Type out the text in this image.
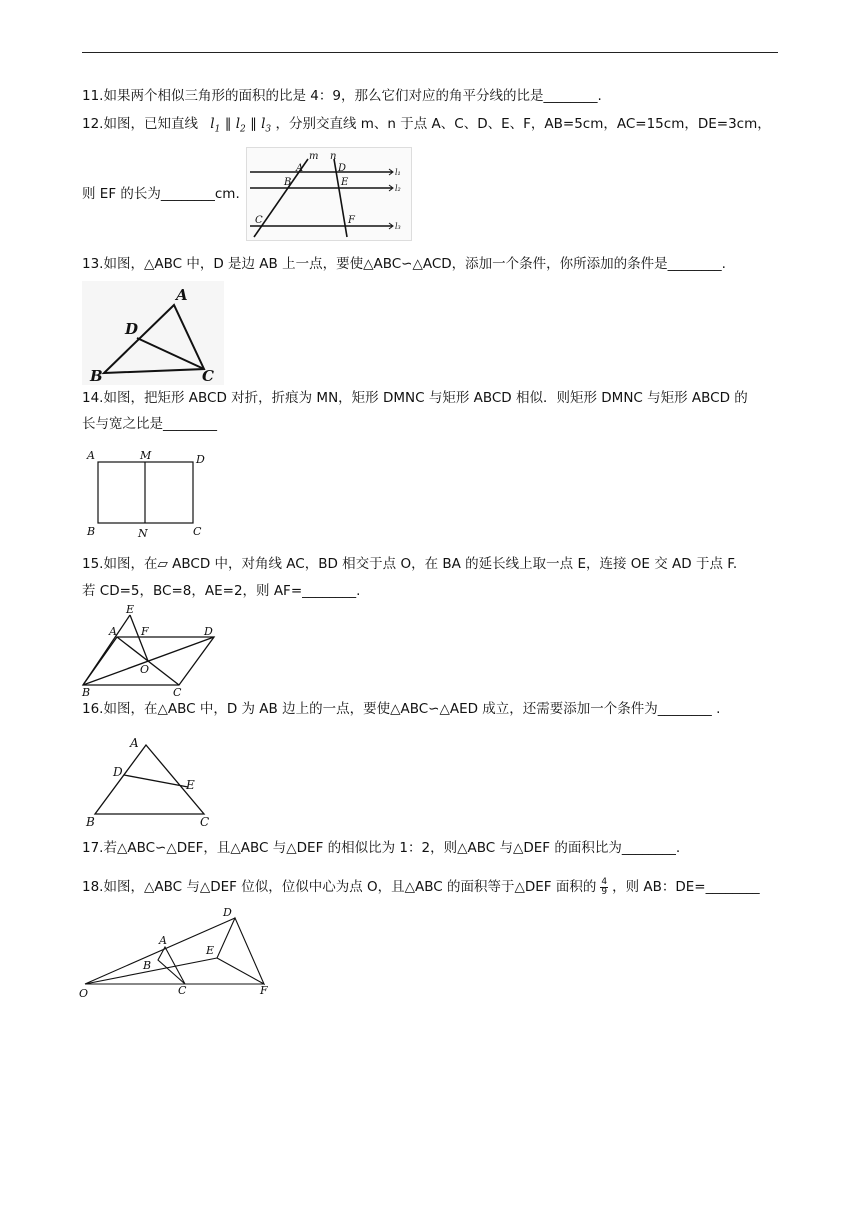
11.如果两个相似三角形的面积的比是 4：9，那么它们对应的角平分线的比是________.
12.如图，已知直线 $l_1$ ∥ $l_2$ ∥ $l_3$ ，分别交直线 m、n 于点 A、C、D、E、F，AB=5cm，AC=15cm，DE=3cm，
则 EF 的长为________cm.
m n
A	D
B	E
C	F
l₁
l₂
l₃
13.如图，△ABC 中，D 是边 AB 上一点，要使△ABC∽△ACD，添加一个条件，你所添加的条件是________.
A
D
B	C
14.如图，把矩形 ABCD 对折，折痕为 MN，矩形 DMNC 与矩形 ABCD 相似．则矩形 DMNC 与矩形 ABCD 的
长与宽之比是________
A	M	D
B	N	C
15.如图，在▱ ABCD 中，对角线 AC，BD 相交于点 O，在 BA 的延长线上取一点 E，连接 OE 交 AD 于点 F.
若 CD=5，BC=8，AE=2，则 AF=________.
E
A F	D
O
B	C
16.如图，在△ABC 中，D 为 AB 边上的一点，要使△ABC∽△AED 成立，还需要添加一个条件为________ .
A
D
E
B	C
17.若△ABC∽△DEF，且△ABC 与△DEF 的相似比为 1：2，则△ABC 与△DEF 的面积比为________.
18.如图，△ABC 与△DEF 位似，位似中心为点 O，且△ABC 的面积等于△DEF 面积的 $\frac{4}{9}$ ，则 AB：DE=________
D
A
E
B
O	C	F
